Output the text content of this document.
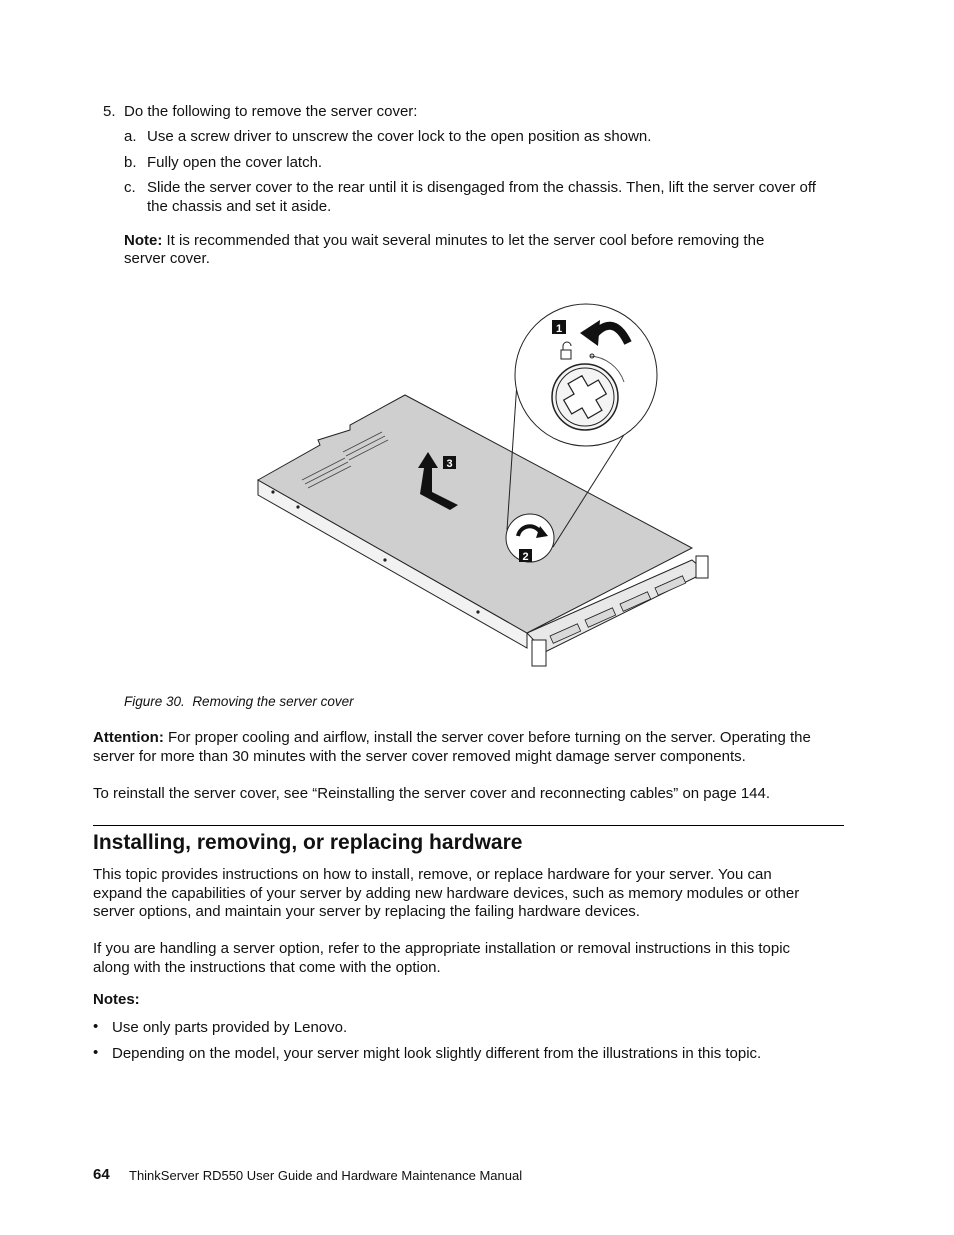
5. Do the following to remove the server cover:
a. Use a screw driver to unscrew the cover lock to the open position as shown.
b. Fully open the cover latch.
c. Slide the server cover to the rear until it is disengaged from the chassis. Then, lift the server cover off
the chassis and set it aside.

Note: It is recommended that you wait several minutes to let the server cool before removing the

server cover.
3
2
1

Figure 30. Removing the server cover

Attention: For proper cooling and airflow, install the server cover before turning on the server. Operating the

server for more than 30 minutes with the server cover removed might damage server components.
To reinstall the server cover, see “Reinstalling the server cover and reconnecting cables” on page 144.
Installing, removing, or replacing hardware
This topic provides instructions on how to install, remove, or replace hardware for your server. You can
expand the capabilities of your server by adding new hardware devices, such as memory modules or other
server options, and maintain your server by replacing the failing hardware devices.
If you are handling a server option, refer to the appropriate installation or removal instructions in this topic
along with the instructions that come with the option.
Notes:
• Use only parts provided by Lenovo.
• Depending on the model, your server might look slightly different from the illustrations in this topic.
64 ThinkServer RD550 User Guide and Hardware Maintenance Manual
